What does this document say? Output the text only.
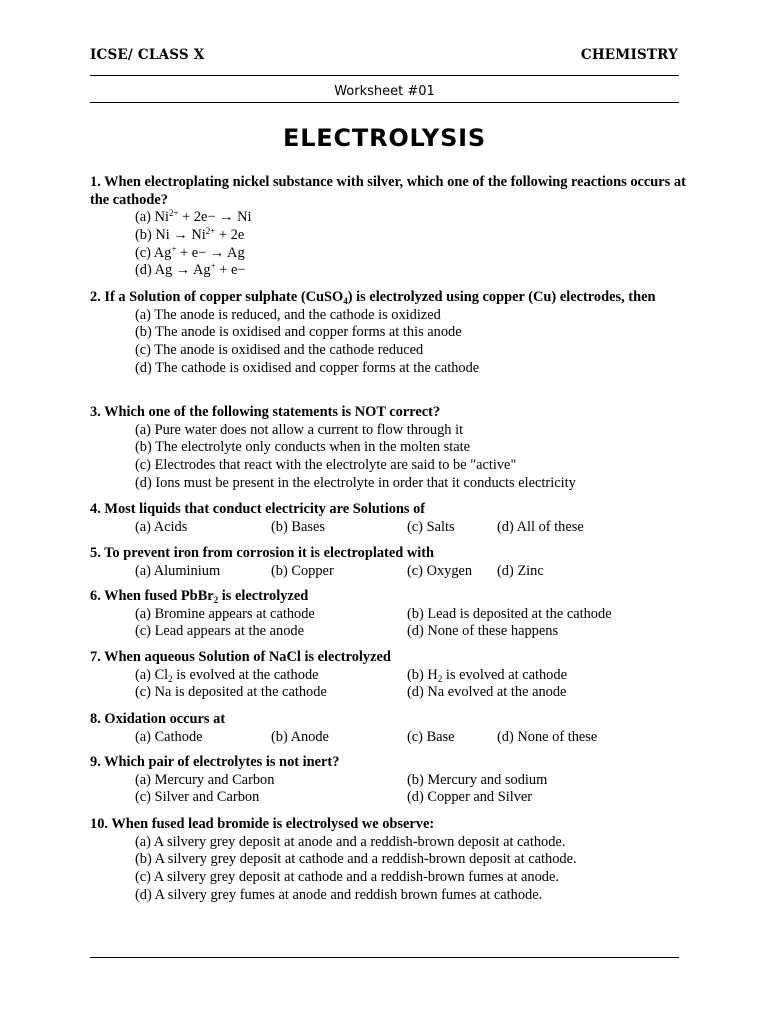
ICSE/ CLASS X	CHEMISTRY
Worksheet #01
ELECTROLYSIS
1. When electroplating nickel substance with silver, which one of the following reactions occurs at the cathode?
(a) $Ni^{2+} + 2e- \to Ni$
(b) $Ni \to Ni^{2+} + 2e$
(c) Ag+ + e− → Ag
(d) Ag → Ag+ + e−
2. If a Solution of copper sulphate (CuSO$_4$) is electrolyzed using copper (Cu) electrodes, then
(a) The anode is reduced, and the cathode is oxidized
(b) The anode is oxidised and copper forms at this anode
(c) The anode is oxidised and the cathode reduced
(d) The cathode is oxidised and copper forms at the cathode
3. Which one of the following statements is NOT correct?
(a) Pure water does not allow a current to flow through it
(b) The electrolyte only conducts when in the molten state
(c) Electrodes that react with the electrolyte are said to be "active"
(d) Ions must be present in the electrolyte in order that it conducts electricity
4. Most liquids that conduct electricity are Solutions of
(a) Acids	(b) Bases	(c) Salts	(d) All of these
5. To prevent iron from corrosion it is electroplated with
(a) Aluminium	(b) Copper	(c) Oxygen (d) Zinc
6. When fused PbBr$_2$ is electrolyzed
(a) Bromine appears at cathode	(b) Lead is deposited at the cathode
(c) Lead appears at the anode	(d) None of these happens
7. When aqueous Solution of NaCl is electrolyzed
(a) $Cl_2$ is evolved at the cathode	(b) $H_2$ is evolved at cathode
(c) Na is deposited at the cathode	(d) Na evolved at the anode
8. Oxidation occurs at
(a) Cathode	(b) Anode	(c) Base	(d) None of these
9. Which pair of electrolytes is not inert?
(a) Mercury and Carbon	(b) Mercury and sodium
(c) Silver and Carbon	(d) Copper and Silver
10. When fused lead bromide is electrolysed we observe:
(a) A silvery grey deposit at anode and a reddish-brown deposit at cathode.
(b) A silvery grey deposit at cathode and a reddish-brown deposit at cathode.
(c) A silvery grey deposit at cathode and a reddish-brown fumes at anode.
(d) A silvery grey fumes at anode and reddish brown fumes at cathode.
